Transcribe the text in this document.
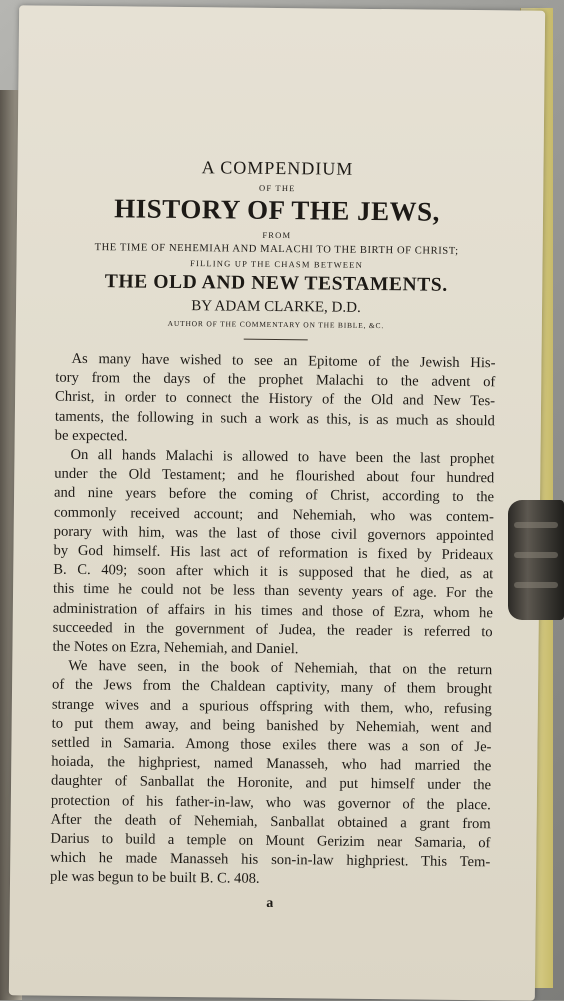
A COMPENDIUM

OF THE

HISTORY OF THE JEWS,

FROM

THE TIME OF NEHEMIAH AND MALACHI TO THE BIRTH OF CHRIST;

FILLING UP THE CHASM BETWEEN

THE OLD AND NEW TESTAMENTS.

BY ADAM CLARKE, D.D.

AUTHOR OF THE COMMENTARY ON THE BIBLE, &C.

As many have wished to see an Epitome of the Jewish His-
tory from the days of the prophet Malachi to the advent of
Christ, in order to connect the History of the Old and New Tes-
taments, the following in such a work as this, is as much as should
be expected.
On all hands Malachi is allowed to have been the last prophet
under the Old Testament; and he flourished about four hundred
and nine years before the coming of Christ, according to the
commonly received account; and Nehemiah, who was contem-
porary with him, was the last of those civil governors appointed
by God himself. His last act of reformation is fixed by Prideaux
B. C. 409; soon after which it is supposed that he died, as at
this time he could not be less than seventy years of age. For the
administration of affairs in his times and those of Ezra, whom he
succeeded in the government of Judea, the reader is referred to
the Notes on Ezra, Nehemiah, and Daniel.
We have seen, in the book of Nehemiah, that on the return
of the Jews from the Chaldean captivity, many of them brought
strange wives and a spurious offspring with them, who, refusing
to put them away, and being banished by Nehemiah, went and
settled in Samaria. Among those exiles there was a son of Je-
hoiada, the highpriest, named Manasseh, who had married the
daughter of Sanballat the Horonite, and put himself under the
protection of his father-in-law, who was governor of the place.
After the death of Nehemiah, Sanballat obtained a grant from
Darius to build a temple on Mount Gerizim near Samaria, of
which he made Manasseh his son-in-law highpriest. This Tem-
ple was begun to be built B. C. 408.
a
